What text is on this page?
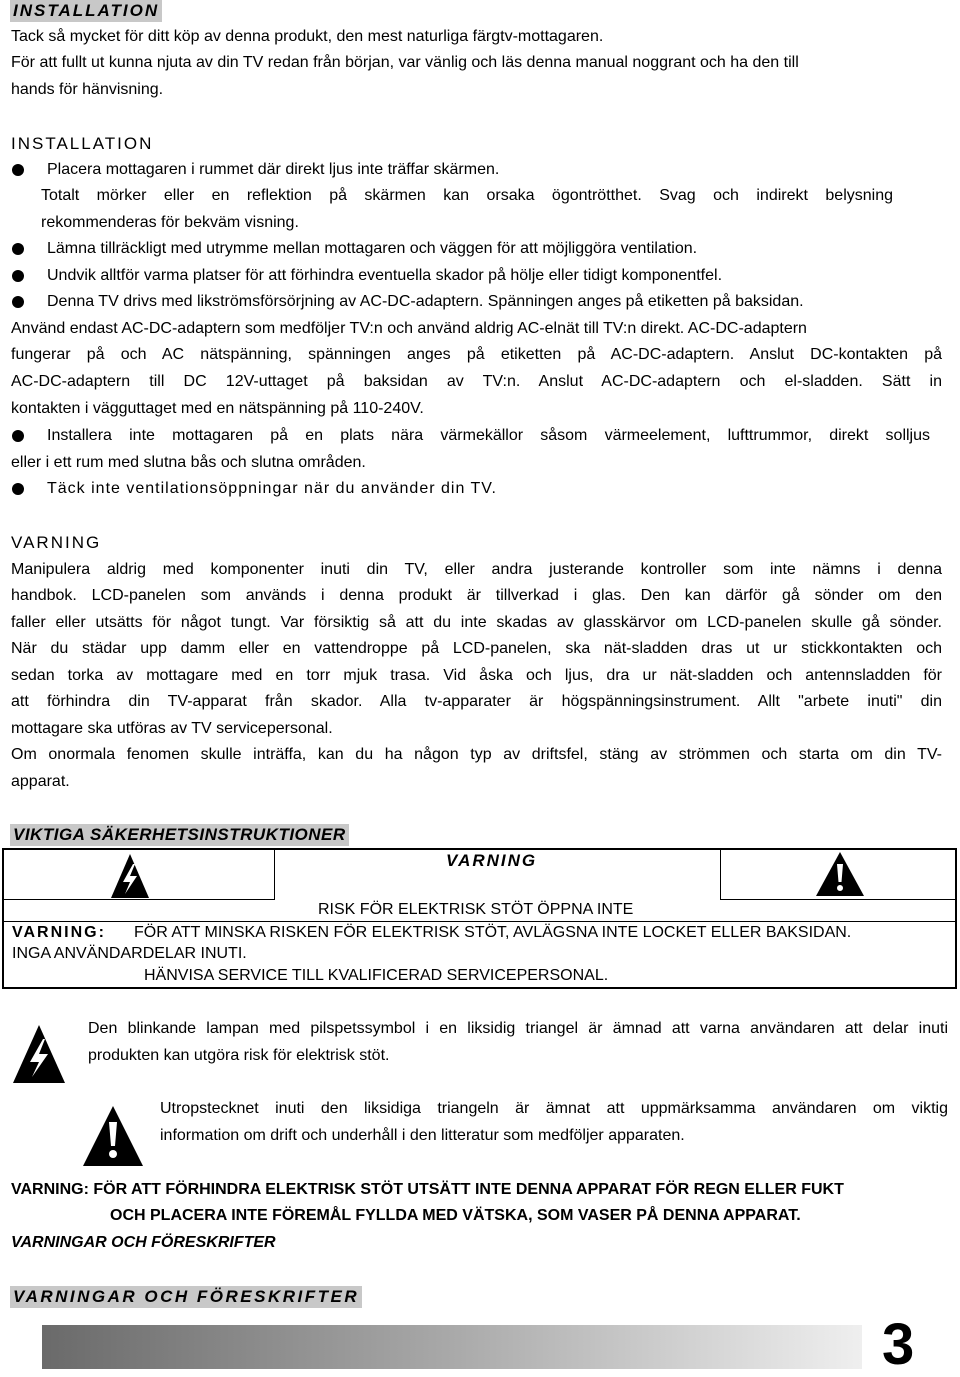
INSTALLATION
Tack så mycket för ditt köp av denna produkt, den mest naturliga färgtv-mottagaren.
För att fullt ut kunna njuta av din TV redan från början, var vänlig och läs denna manual noggrant och ha den till
hands för hänvisning.
INSTALLATION
Placera mottagaren i rummet där direkt ljus inte träffar skärmen.
Totalt mörker eller en reflektion på skärmen kan orsaka ögontrötthet. Svag och indirekt belysning
rekommenderas för bekväm visning.
Lämna tillräckligt med utrymme mellan mottagaren och väggen för att möjliggöra ventilation.
Undvik alltför varma platser för att förhindra eventuella skador på hölje eller tidigt komponentfel.
Denna TV drivs med likströmsförsörjning av AC-DC-adaptern. Spänningen anges på etiketten på baksidan.
Använd endast AC-DC-adaptern som medföljer TV:n och använd aldrig AC-elnät till TV:n direkt. AC-DC-adaptern
fungerar på och AC nätspänning, spänningen anges på etiketten på AC-DC-adaptern. Anslut DC-kontakten på
AC-DC-adaptern till DC 12V-uttaget på baksidan av TV:n. Anslut AC-DC-adaptern och el-sladden. Sätt in
kontakten i vägguttaget med en nätspänning på 110-240V.
Installera inte mottagaren på en plats nära värmekällor såsom värmeelement, lufttrummor, direkt solljus
eller i ett rum med slutna bås och slutna områden.
Täck inte ventilationsöppningar när du använder din TV.
VARNING
Manipulera aldrig med komponenter inuti din TV, eller andra justerande kontroller som inte nämns i denna
handbok. LCD-panelen som används i denna produkt är tillverkad i glas. Den kan därför gå sönder om den
faller eller utsätts för något tungt. Var försiktig så att du inte skadas av glasskärvor om LCD-panelen skulle gå sönder.
När du städar upp damm eller en vattendroppe på LCD-panelen, ska nät-sladden dras ut ur stickkontakten och
sedan torka av mottagare med en torr mjuk trasa. Vid åska och ljus, dra ur nät-sladden och antennsladden för
att förhindra din TV-apparat från skador. Alla tv-apparater är högspänningsinstrument. Allt "arbete inuti" din
mottagare ska utföras av TV servicepersonal.
Om onormala fenomen skulle inträffa, kan du ha någon typ av driftsfel, stäng av strömmen och starta om din TV-
apparat.
VIKTIGA SÄKERHETSINSTRUKTIONER
VARNING
RISK FÖR ELEKTRISK STÖT ÖPPNA INTE
VARNING: FÖR ATT MINSKA RISKEN FÖR ELEKTRISK STÖT, AVLÄGSNA INTE LOCKET ELLER BAKSIDAN.
INGA ANVÄNDARDELAR INUTI.
HÄNVISA SERVICE TILL KVALIFICERAD SERVICEPERSONAL.
Den blinkande lampan med pilspetssymbol i en liksidig triangel är ämnad att varna användaren att delar inuti
produkten kan utgöra risk för elektrisk stöt.
Utropstecknet inuti den liksidiga triangeln är ämnat att uppmärksamma användaren om viktig
information om drift och underhåll i den litteratur som medföljer apparaten.
VARNING: FÖR ATT FÖRHINDRA ELEKTRISK STÖT UTSÄTT INTE DENNA APPARAT FÖR REGN ELLER FUKT
OCH PLACERA INTE FÖREMÅL FYLLDA MED VÄTSKA, SOM VASER PÅ DENNA APPARAT.
VARNINGAR OCH FÖRESKRIFTER
VARNINGAR OCH FÖRESKRIFTER
3
